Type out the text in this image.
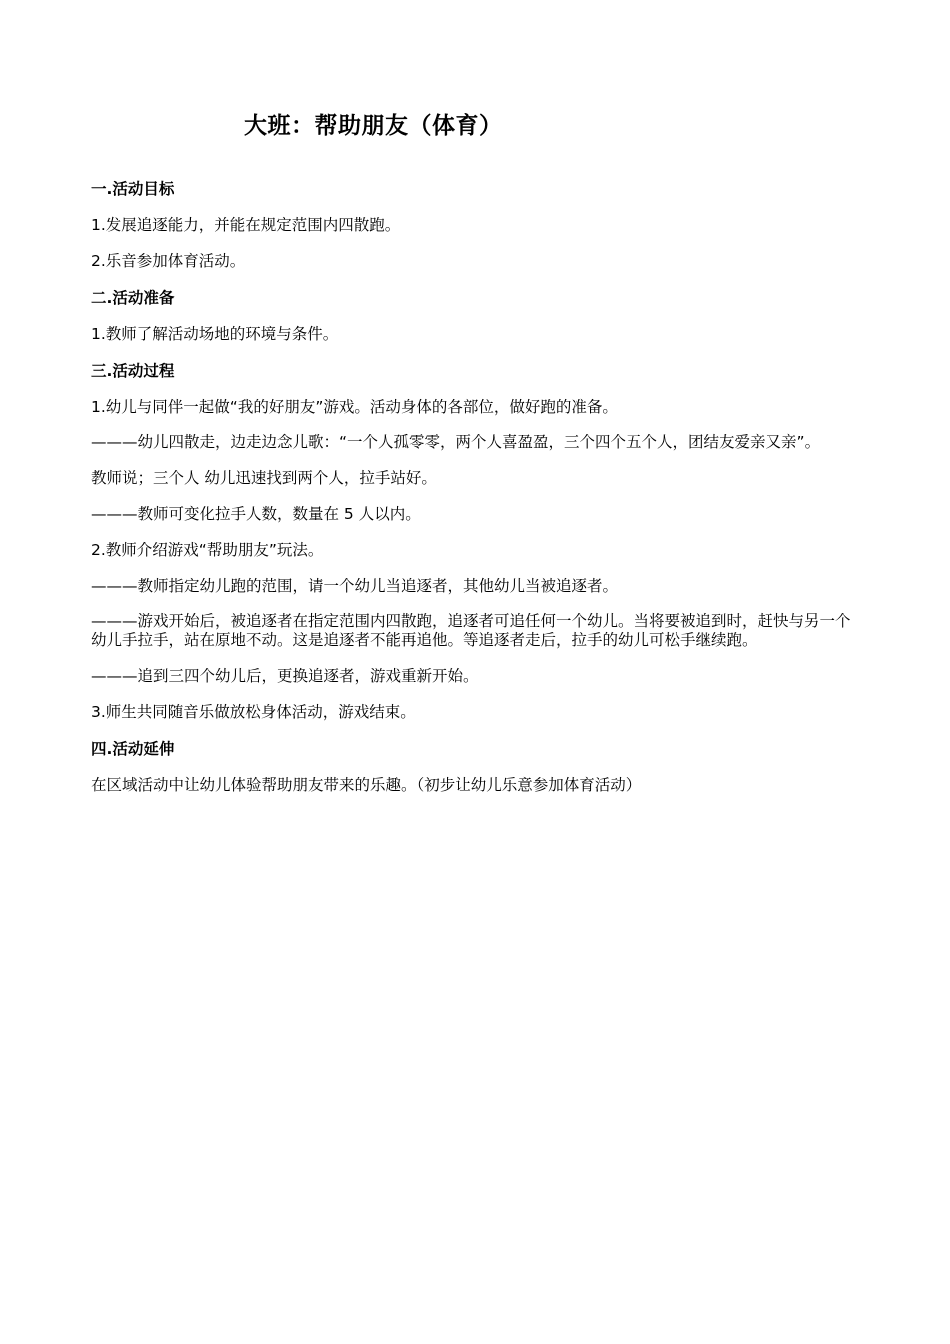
大班：帮助朋友（体育）
一.活动目标
1.发展追逐能力，并能在规定范围内四散跑。
2.乐音参加体育活动。
二.活动准备
1.教师了解活动场地的环境与条件。
三.活动过程
1.幼儿与同伴一起做“我的好朋友”游戏。活动身体的各部位，做好跑的准备。
———幼儿四散走，边走边念儿歌：“一个人孤零零，两个人喜盈盈，三个四个五个人，团结友爱亲又亲”。
教师说；三个人 幼儿迅速找到两个人，拉手站好。
———教师可变化拉手人数，数量在 5 人以内。
2.教师介绍游戏“帮助朋友”玩法。
———教师指定幼儿跑的范围，请一个幼儿当追逐者，其他幼儿当被追逐者。
———游戏开始后，被追逐者在指定范围内四散跑，追逐者可追任何一个幼儿。当将要被追到时，赶快与另一个幼儿手拉手，站在原地不动。这是追逐者不能再追他。等追逐者走后，拉手的幼儿可松手继续跑。
———追到三四个幼儿后，更换追逐者，游戏重新开始。
3.师生共同随音乐做放松身体活动，游戏结束。
四.活动延伸
在区域活动中让幼儿体验帮助朋友带来的乐趣。（初步让幼儿乐意参加体育活动）
